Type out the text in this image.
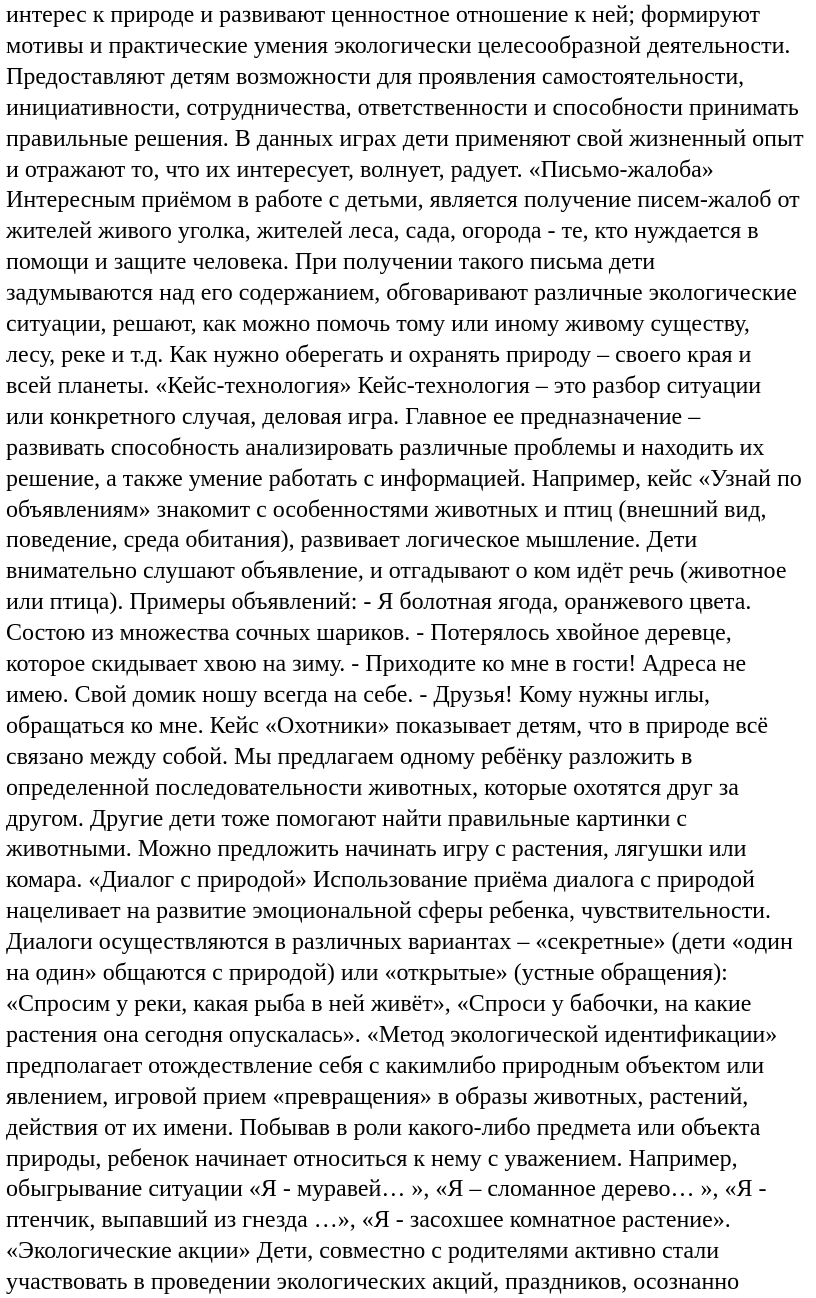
интерес к природе и развивают ценностное отношение к ней; формируют
мотивы и практические умения экологически целесообразной деятельности.
Предоставляют детям возможности для проявления самостоятельности,
инициативности, сотрудничества, ответственности и способности принимать
правильные решения. В данных играх дети применяют свой жизненный опыт
и отражают то, что их интересует, волнует, радует. «Письмо-жалоба»
Интересным приёмом в работе с детьми, является получение писем-жалоб от
жителей живого уголка, жителей леса, сада, огорода - те, кто нуждается в
помощи и защите человека. При получении такого письма дети
задумываются над его содержанием, обговаривают различные экологические
ситуации, решают, как можно помочь тому или иному живому существу,
лесу, реке и т.д. Как нужно оберегать и охранять природу – своего края и
всей планеты. «Кейс-технология» Кейс-технология – это разбор ситуации
или конкретного случая, деловая игра. Главное ее предназначение –
развивать способность анализировать различные проблемы и находить их
решение, а также умение работать с информацией. Например, кейс «Узнай по
объявлениям» знакомит с особенностями животных и птиц (внешний вид,
поведение, среда обитания), развивает логическое мышление. Дети
внимательно слушают объявление, и отгадывают о ком идёт речь (животное
или птица). Примеры объявлений: - Я болотная ягода, оранжевого цвета.
Состою из множества сочных шариков. - Потерялось хвойное деревце,
которое скидывает хвою на зиму. - Приходите ко мне в гости! Адреса не
имею. Свой домик ношу всегда на себе. - Друзья! Кому нужны иглы,
обращаться ко мне. Кейс «Охотники» показывает детям, что в природе всё
связано между собой. Мы предлагаем одному ребёнку разложить в
определенной последовательности животных, которые охотятся друг за
другом. Другие дети тоже помогают найти правильные картинки с
животными. Можно предложить начинать игру с растения, лягушки или
комара. «Диалог с природой» Использование приёма диалога с природой
нацеливает на развитие эмоциональной сферы ребенка, чувствительности.
Диалоги осуществляются в различных вариантах – «секретные» (дети «один
на один» общаются с природой) или «открытые» (устные обращения):
«Спросим у реки, какая рыба в ней живёт», «Спроси у бабочки, на какие
растения она сегодня опускалась». «Метод экологической идентификации»
предполагает отождествление себя с какимлибо природным объектом или
явлением, игровой прием «превращения» в образы животных, растений,
действия от их имени. Побывав в роли какого-либо предмета или объекта
природы, ребенок начинает относиться к нему с уважением. Например,
обыгрывание ситуации «Я - муравей… », «Я – сломанное дерево… », «Я -
птенчик, выпавший из гнезда …», «Я - засохшее комнатное растение».
«Экологические акции» Дети, совместно с родителями активно стали
участвовать в проведении экологических акций, праздников, осознанно
